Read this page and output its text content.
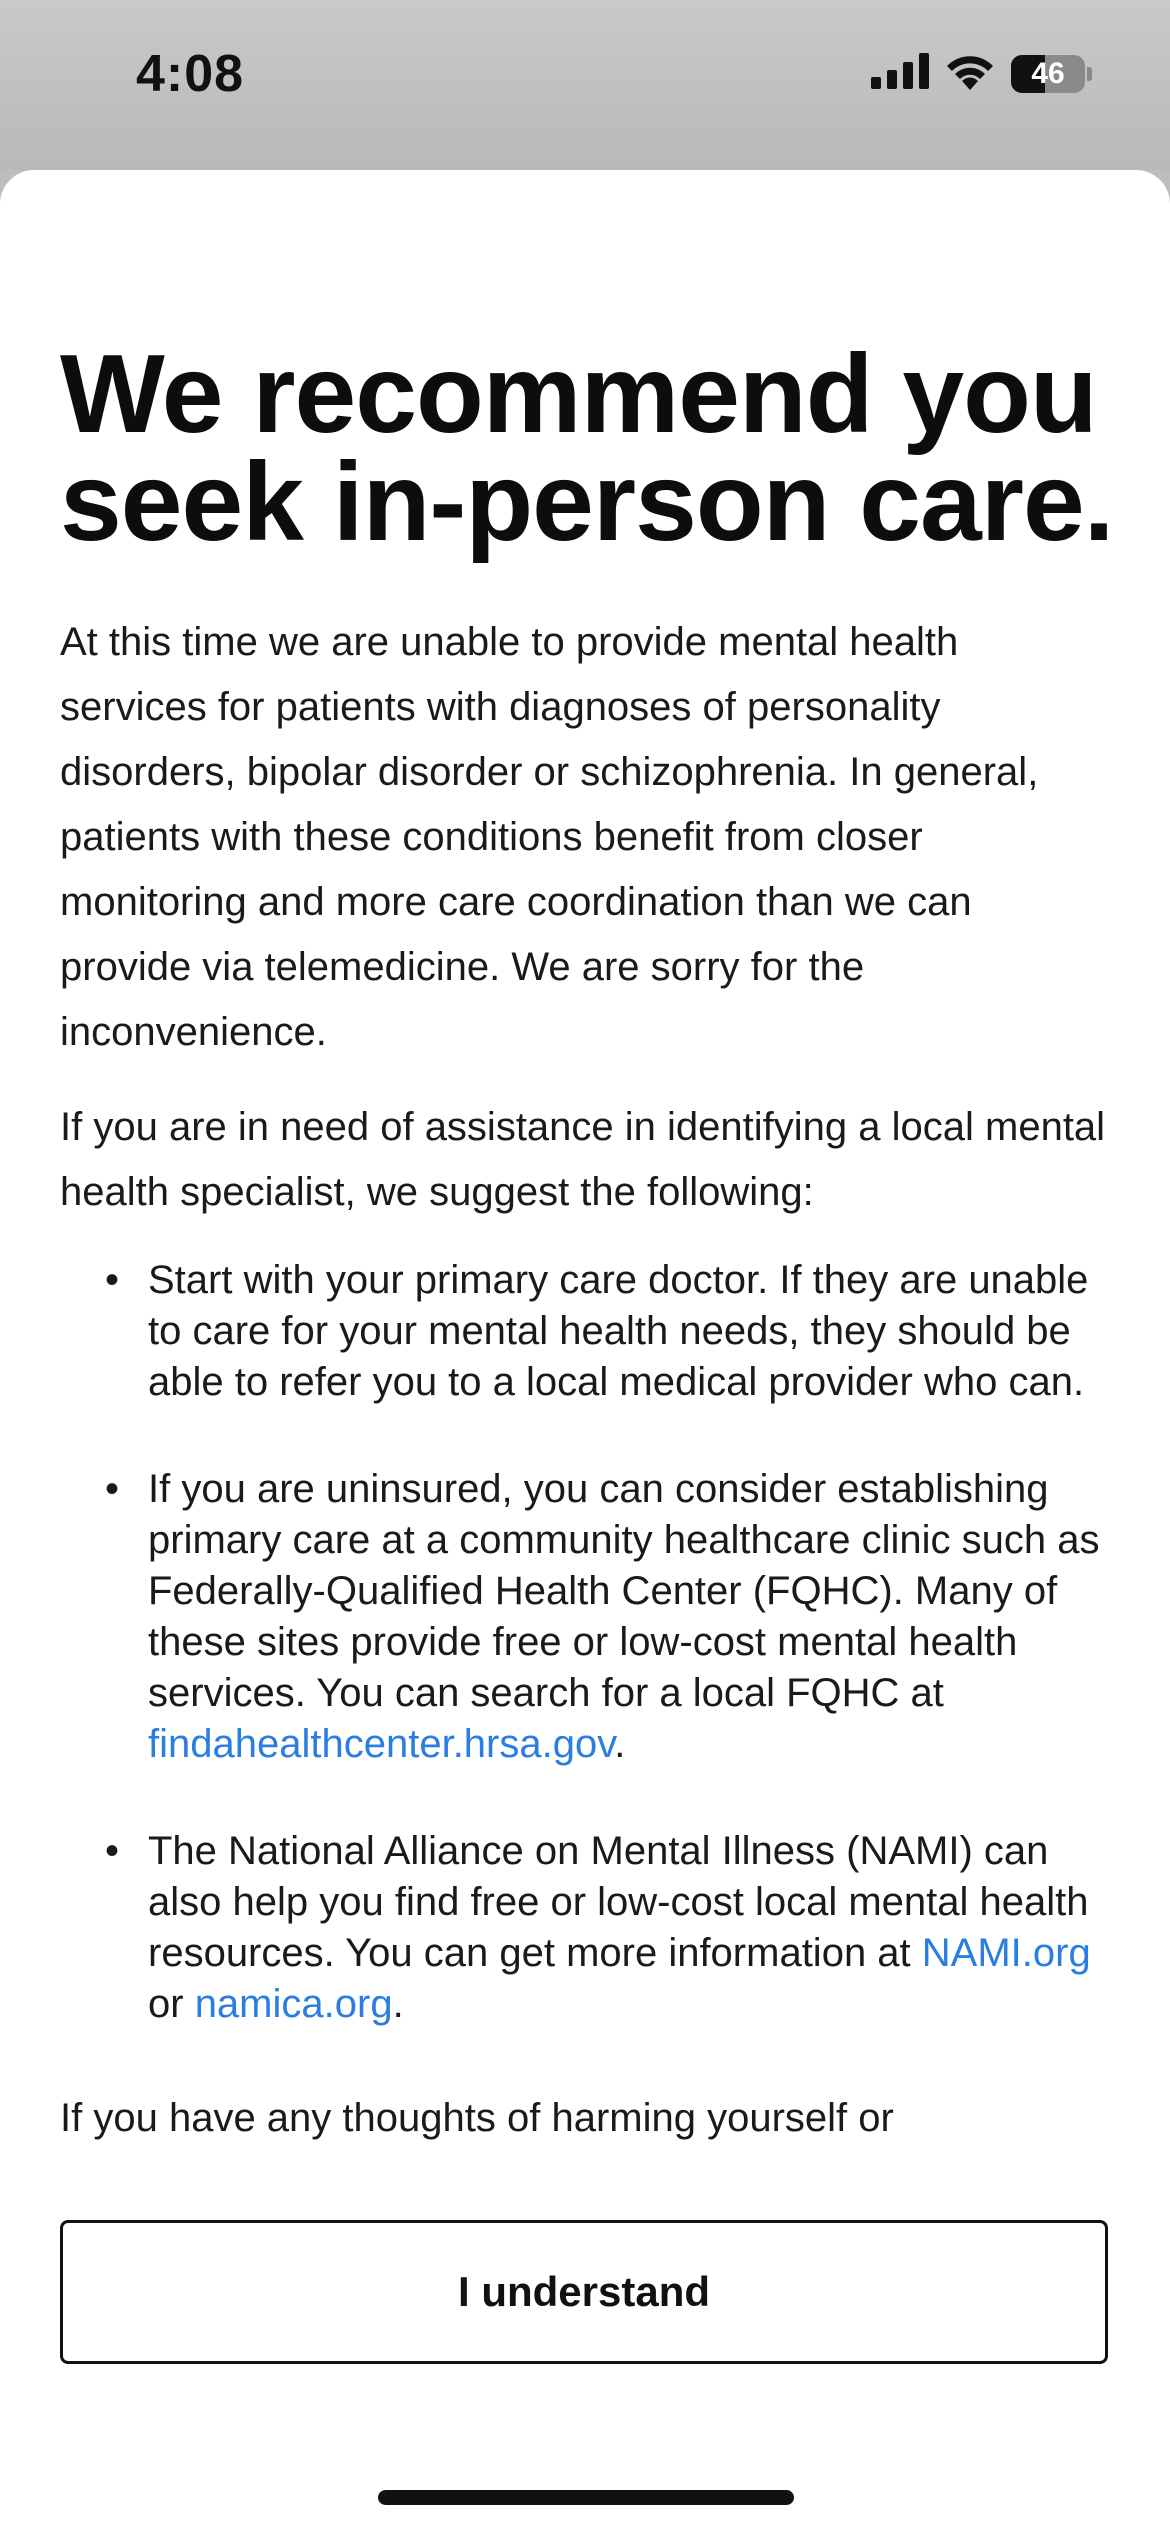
4:08	46
We recommend you seek in-person care.

At this time we are unable to provide mental health services for patients with diagnoses of personality disorders, bipolar disorder or schizophrenia. In general, patients with these conditions benefit from closer monitoring and more care coordination than we can provide via telemedicine. We are sorry for the inconvenience.

If you are in need of assistance in identifying a local mental health specialist, we suggest the following:

• Start with your primary care doctor. If they are unable to care for your mental health needs, they should be able to refer you to a local medical provider who can.
• If you are uninsured, you can consider establishing primary care at a community healthcare clinic such as Federally-Qualified Health Center (FQHC). Many of these sites provide free or low-cost mental health services. You can search for a local FQHC at findahealthcenter.hrsa.gov.
• The National Alliance on Mental Illness (NAMI) can also help you find free or low-cost local mental health resources. You can get more information at NAMI.org or namica.org.

If you have any thoughts of harming yourself or

I understand
